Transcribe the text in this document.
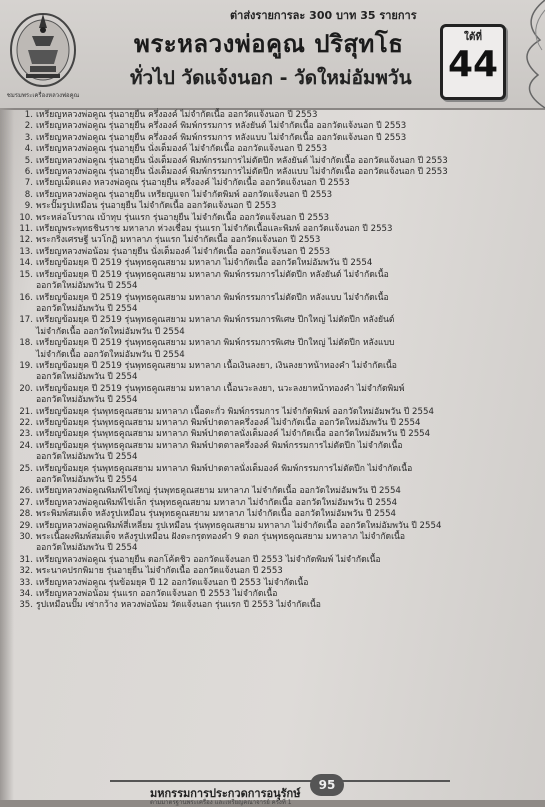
ชมรมพระเครื่องหลวงพ่อคูณ
ต่าส่งรายการละ 300 บาท 35 รายการ
พระหลวงพ่อคูณ ปริสุทโธ
ทั่วไป วัดแจ้งนอก - วัดใหม่อัมพวัน
ใต้ที่
44
1. เหรียญหลวงพ่อคูณ รุ่นอายุยืน ครึ่งองค์ ไม่จำกัดเนื้อ ออกวัดแจ้งนอก ปี 2553
2. เหรียญหลวงพ่อคูณ รุ่นอายุยืน ครึ่งองค์ พิมพ์กรรมการ หลังยันต์ ไม่จำกัดเนื้อ ออกวัดแจ้งนอก ปี 2553
3. เหรียญหลวงพ่อคูณ รุ่นอายุยืน ครึ่งองค์ พิมพ์กรรมการ หลังแบบ ไม่จำกัดเนื้อ ออกวัดแจ้งนอก ปี 2553
4. เหรียญหลวงพ่อคูณ รุ่นอายุยืน นั่งเต็มองค์ ไม่จำกัดเนื้อ ออกวัดแจ้งนอก ปี 2553
5. เหรียญหลวงพ่อคูณ รุ่นอายุยืน นั่งเต็มองค์ พิมพ์กรรมการไม่ตัดปีก หลังยันต์ ไม่จำกัดเนื้อ ออกวัดแจ้งนอก ปี 2553
6. เหรียญหลวงพ่อคูณ รุ่นอายุยืน นั่งเต็มองค์ พิมพ์กรรมการไม่ตัดปีก หลังแบบ ไม่จำกัดเนื้อ ออกวัดแจ้งนอก ปี 2553
7. เหรียญเม็ดแตง หลวงพ่อคูณ รุ่นอายุยืน ครึ่งองค์ ไม่จำกัดเนื้อ ออกวัดแจ้งนอก ปี 2553
8. เหรียญหลวงพ่อคูณ รุ่นอายุยืน เหรียญแจก ไม่จำกัดพิมพ์ ออกวัดแจ้งนอก ปี 2553
9. พระปั๊มรูปเหมือน รุ่นอายุยืน ไม่จำกัดเนื้อ ออกวัดแจ้งนอก ปี 2553
10. พระหล่อโบราณ เบ้าทุบ รุ่นแรก รุ่นอายุยืน ไม่จำกัดเนื้อ ออกวัดแจ้งนอก ปี 2553
11. เหรียญพระพุทธชินราช มหาลาภ ห่วงเชื่อม รุ่นแรก ไม่จำกัดเนื้อและพิมพ์ ออกวัดแจ้งนอก ปี 2553
12. พระกริ่งเศรษฐี นวโกฏิ มหาลาภ รุ่นแรก ไม่จำกัดเนื้อ ออกวัดแจ้งนอก ปี 2553
13. เหรียญหลวงพ่อน้อม รุ่นอายุยืน นั่งเต็มองค์ ไม่จำกัดเนื้อ ออกวัดแจ้งนอก ปี 2553
14. เหรียญข้อมยุค ปี 2519 รุ่นพุทธคูณสยาม มหาลาภ ไม่จำกัดเนื้อ ออกวัดใหม่อัมพวัน ปี 2554
15. เหรียญข้อมยุค ปี 2519 รุ่นพุทธคูณสยาม มหาลาภ พิมพ์กรรมการไม่ตัดปีก หลังยันต์ ไม่จำกัดเนื้อ
ออกวัดใหม่อัมพวัน ปี 2554
16. เหรียญข้อมยุค ปี 2519 รุ่นพุทธคูณสยาม มหาลาภ พิมพ์กรรมการไม่ตัดปีก หลังแบบ ไม่จำกัดเนื้อ
ออกวัดใหม่อัมพวัน ปี 2554
17. เหรียญข้อมยุค ปี 2519 รุ่นพุทธคูณสยาม มหาลาภ พิมพ์กรรมการพิเศษ ปีกใหญ่ ไม่ตัดปีก หลังยันต์
ไม่จำกัดเนื้อ ออกวัดใหม่อัมพวัน ปี 2554
18. เหรียญข้อมยุค ปี 2519 รุ่นพุทธคูณสยาม มหาลาภ พิมพ์กรรมการพิเศษ ปีกใหญ่ ไม่ตัดปีก หลังแบบ
ไม่จำกัดเนื้อ ออกวัดใหม่อัมพวัน ปี 2554
19. เหรียญข้อมยุค ปี 2519 รุ่นพุทธคูณสยาม มหาลาภ เนื้อเงินลงยา, เงินลงยาหน้าทองคำ ไม่จำกัดเนื้อ
ออกวัดใหม่อัมพวัน ปี 2554
20. เหรียญข้อมยุค ปี 2519 รุ่นพุทธคูณสยาม มหาลาภ เนื้อนวะลงยา, นวะลงยาหน้าทองคำ ไม่จำกัดพิมพ์
ออกวัดใหม่อัมพวัน ปี 2554
21. เหรียญข้อมยุค รุ่นพุทธคูณสยาม มหาลาภ เนื้อตะกั่ว พิมพ์กรรมการ ไม่จำกัดพิมพ์ ออกวัดใหม่อัมพวัน ปี 2554
22. เหรียญข้อมยุค รุ่นพุทธคูณสยาม มหาลาภ พิมพ์ปาดตาลครึ่งองค์ ไม่จำกัดเนื้อ ออกวัดใหม่อัมพวัน ปี 2554
23. เหรียญข้อมยุค รุ่นพุทธคูณสยาม มหาลาภ พิมพ์ปาดตาลนั่งเต็มองค์ ไม่จำกัดเนื้อ ออกวัดใหม่อัมพวัน ปี 2554
24. เหรียญข้อมยุค รุ่นพุทธคูณสยาม มหาลาภ พิมพ์ปาดตาลครึ่งองค์ พิมพ์กรรมการไม่ตัดปีก ไม่จำกัดเนื้อ
ออกวัดใหม่อัมพวัน ปี 2554
25. เหรียญข้อมยุค รุ่นพุทธคูณสยาม มหาลาภ พิมพ์ปาดตาลนั่งเต็มองค์ พิมพ์กรรมการไม่ตัดปีก ไม่จำกัดเนื้อ
ออกวัดใหม่อัมพวัน ปี 2554
26. เหรียญหลวงพ่อคูณพิมพ์ไข่ใหญ่ รุ่นพุทธคูณสยาม มหาลาภ ไม่จำกัดเนื้อ ออกวัดใหม่อัมพวัน ปี 2554
27. เหรียญหลวงพ่อคูณพิมพ์ไข่เล็ก รุ่นพุทธคูณสยาม มหาลาภ ไม่จำกัดเนื้อ ออกวัดใหม่อัมพวัน ปี 2554
28. พระพิมพ์สมเด็จ หลังรูปเหมือน รุ่นพุทธคูณสยาม มหาลาภ ไม่จำกัดเนื้อ ออกวัดใหม่อัมพวัน ปี 2554
29. เหรียญหลวงพ่อคูณพิมพ์สี่เหลี่ยม รูปเหมือน รุ่นพุทธคูณสยาม มหาลาภ ไม่จำกัดเนื้อ ออกวัดใหม่อัมพวัน ปี 2554
30. พระเนื้อผงพิมพ์สมเด็จ หลังรูปเหมือน ฝังตะกรุดทองคำ 9 ดอก รุ่นพุทธคูณสยาม มหาลาภ ไม่จำกัดเนื้อ
ออกวัดใหม่อัมพวัน ปี 2554
31. เหรียญหลวงพ่อคูณ รุ่นอายุยืน ดอกโค้ดชิว ออกวัดแจ้งนอก ปี 2553 ไม่จำกัดพิมพ์ ไม่จำกัดเนื้อ
32. พระนาคปรกพิมาย รุ่นอายุยืน ไม่จำกัดเนื้อ ออกวัดแจ้งนอก ปี 2553
33. เหรียญหลวงพ่อคูณ รุ่นข้อมยุค ปี 12 ออกวัดแจ้งนอก ปี 2553 ไม่จำกัดเนื้อ
34. เหรียญหลวงพ่อน้อม รุ่นแรก ออกวัดแจ้งนอก ปี 2553 ไม่จำกัดเนื้อ
35. รูปเหมือนปั๊ม เซ่ากว้าง หลวงพ่อน้อม วัดแจ้งนอก รุ่นแรก ปี 2553 ไม่จำกัดเนื้อ
มหกรรมการประกวดการอนุรักษ์
95
ตามมาตรฐานพระเครื่อง และเหรียญคณาจารย์ ครั้งที่ 1
